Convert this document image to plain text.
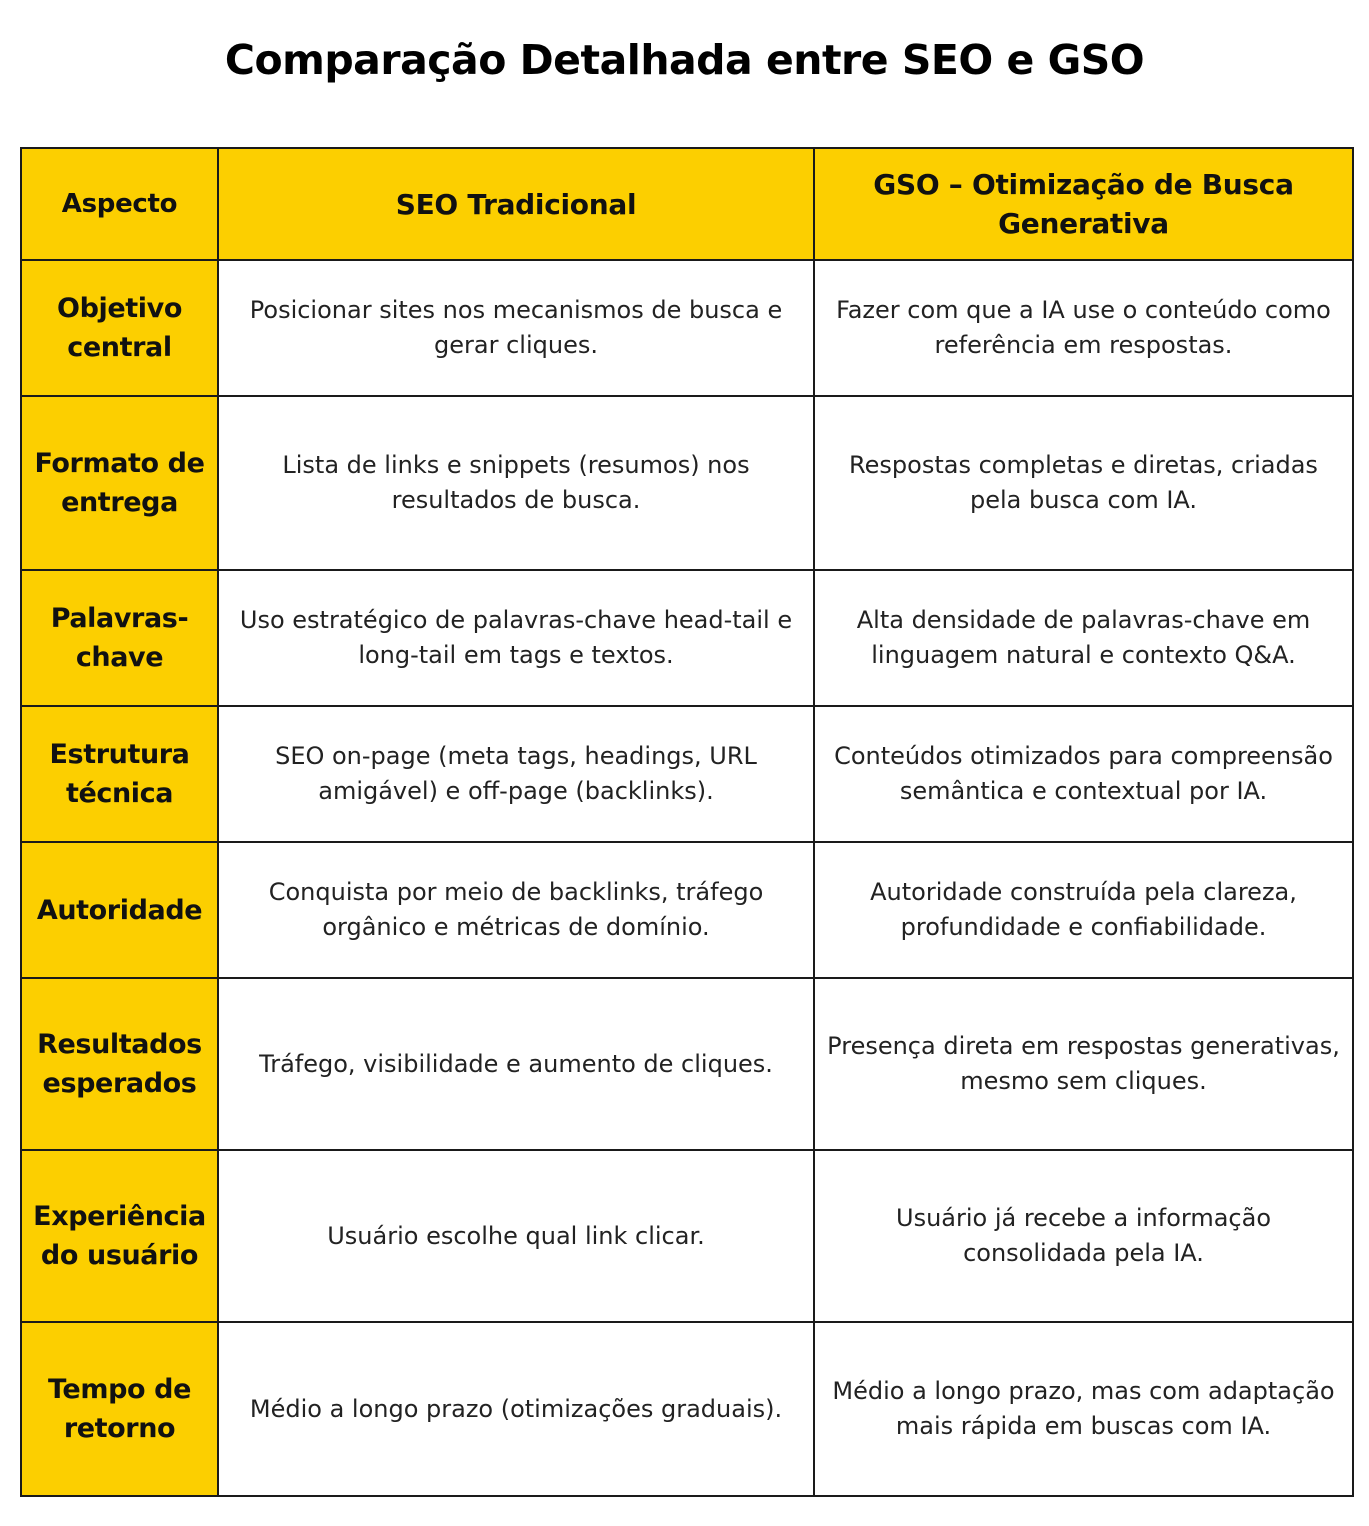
Comparação Detalhada entre SEO e GSO
Aspecto	SEO Tradicional	GSO – Otimização de Busca Generativa
Objetivo central	Posicionar sites nos mecanismos de busca e gerar cliques.	Fazer com que a IA use o conteúdo como referência em respostas.
Formato de entrega	Lista de links e snippets (resumos) nos resultados de busca.	Respostas completas e diretas, criadas pela busca com IA.
Palavras-chave	Uso estratégico de palavras-chave head-tail e long-tail em tags e textos.	Alta densidade de palavras-chave em linguagem natural e contexto Q&A.
Estrutura técnica	SEO on-page (meta tags, headings, URL amigável) e off-page (backlinks).	Conteúdos otimizados para compreensão semântica e contextual por IA.
Autoridade	Conquista por meio de backlinks, tráfego orgânico e métricas de domínio.	Autoridade construída pela clareza, profundidade e confiabilidade.
Resultados esperados	Tráfego, visibilidade e aumento de cliques.	Presença direta em respostas generativas, mesmo sem cliques.
Experiência do usuário	Usuário escolhe qual link clicar.	Usuário já recebe a informação consolidada pela IA.
Tempo de retorno	Médio a longo prazo (otimizações graduais).	Médio a longo prazo, mas com adaptação mais rápida em buscas com IA.
